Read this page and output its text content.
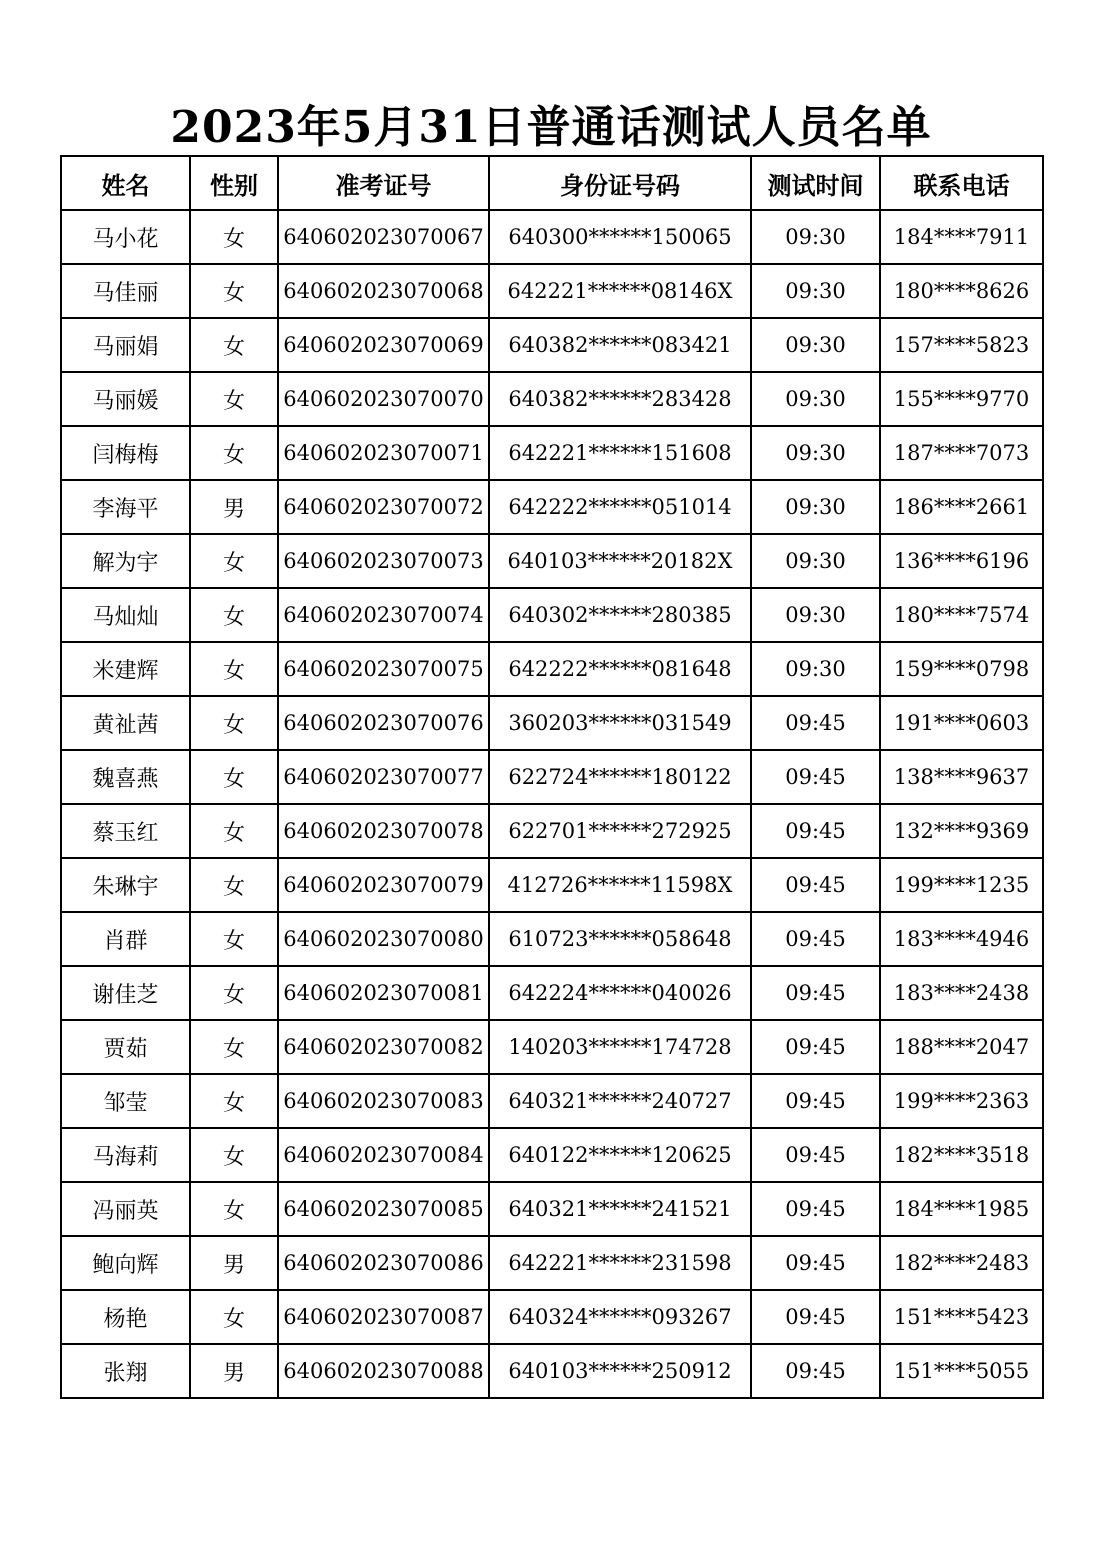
2023年5月31日普通话测试人员名单
姓名	性别	准考证号	身份证号码	测试时间	联系电话
马小花	女	640602023070067	640300******150065	09:30	184****7911
马佳丽	女	640602023070068	642221******08146X	09:30	180****8626
马丽娟	女	640602023070069	640382******083421	09:30	157****5823
马丽媛	女	640602023070070	640382******283428	09:30	155****9770
闫梅梅	女	640602023070071	642221******151608	09:30	187****7073
李海平	男	640602023070072	642222******051014	09:30	186****2661
解为宇	女	640602023070073	640103******20182X	09:30	136****6196
马灿灿	女	640602023070074	640302******280385	09:30	180****7574
米建辉	女	640602023070075	642222******081648	09:30	159****0798
黄祉茜	女	640602023070076	360203******031549	09:45	191****0603
魏喜燕	女	640602023070077	622724******180122	09:45	138****9637
蔡玉红	女	640602023070078	622701******272925	09:45	132****9369
朱琳宇	女	640602023070079	412726******11598X	09:45	199****1235
肖群	女	640602023070080	610723******058648	09:45	183****4946
谢佳芝	女	640602023070081	642224******040026	09:45	183****2438
贾茹	女	640602023070082	140203******174728	09:45	188****2047
邹莹	女	640602023070083	640321******240727	09:45	199****2363
马海莉	女	640602023070084	640122******120625	09:45	182****3518
冯丽英	女	640602023070085	640321******241521	09:45	184****1985
鲍向辉	男	640602023070086	642221******231598	09:45	182****2483
杨艳	女	640602023070087	640324******093267	09:45	151****5423
张翔	男	640602023070088	640103******250912	09:45	151****5055
